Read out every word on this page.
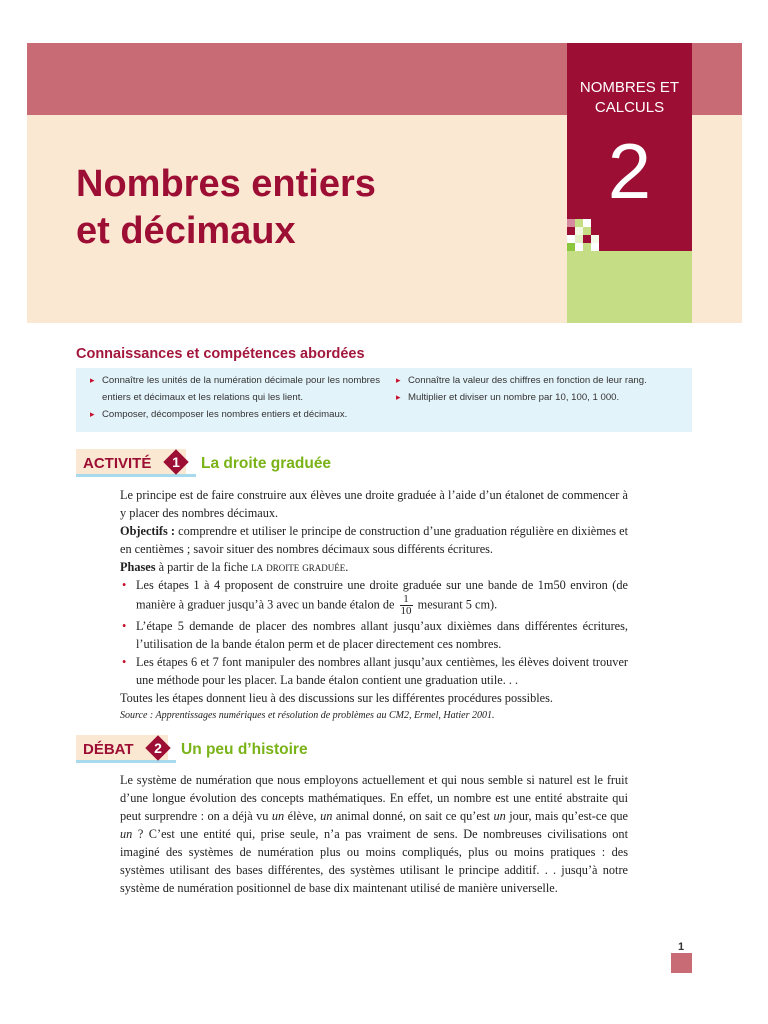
NOMBRES ET
CALCULS
2
Nombres entiers
et décimaux
Connaissances et compétences abordées
▸ Connaître les unités de la numération décimale pour les nombres entiers et décimaux et les relations qui les lient.
▸ Composer, décomposer les nombres entiers et décimaux.
▸ Connaître la valeur des chiffres en fonction de leur rang.
▸ Multiplier et diviser un nombre par 10, 100, 1 000.
ACTIVITÉ	1	La droite graduée

Le principe est de faire construire aux élèves une droite graduée à l’aide d’un étalonet de commencer à y placer des nombres décimaux.

Objectifs : comprendre et utiliser le principe de construction d’une graduation régulière en dixièmes et en centièmes ; savoir situer des nombres décimaux sous différents écritures.

Phases à partir de la fiche la droite graduée.

• Les étapes 1 à 4 proposent de construire une droite graduée sur une bande de 1m50 environ (de manière à graduer jusqu’à 3 avec un bande étalon de $\frac{1}{10}$ mesurant 5 cm).
• L’étape 5 demande de placer des nombres allant jusqu’aux dixièmes dans différentes écritures, l’utilisation de la bande étalon perm et de placer directement ces nombres.
• Les étapes 6 et 7 font manipuler des nombres allant jusqu’aux centièmes, les élèves doivent trouver une méthode pour les placer. La bande étalon contient une graduation utile. . .

Toutes les étapes donnent lieu à des discussions sur les différentes procédures possibles.

Source : Apprentissages numériques et résolution de problèmes au CM2, Ermel, Hatier 2001.

DÉBAT	2	Un peu d’histoire

Le système de numération que nous employons actuellement et qui nous semble si naturel est le fruit d’une longue évolution des concepts mathématiques. En effet, un nombre est une entité abstraite qui peut surprendre : on a déjà vu un élève, un animal donné, on sait ce qu’est un jour, mais qu’est-ce que un ? C’est une entité qui, prise seule, n’a pas vraiment de sens. De nombreuses civilisations ont imaginé des systèmes de numération plus ou moins compliqués, plus ou moins pratiques : des systèmes utilisant des bases différentes, des systèmes utilisant le principe additif. . . jusqu’à notre système de numération positionnel de base dix maintenant utilisé de manière universelle.

1
